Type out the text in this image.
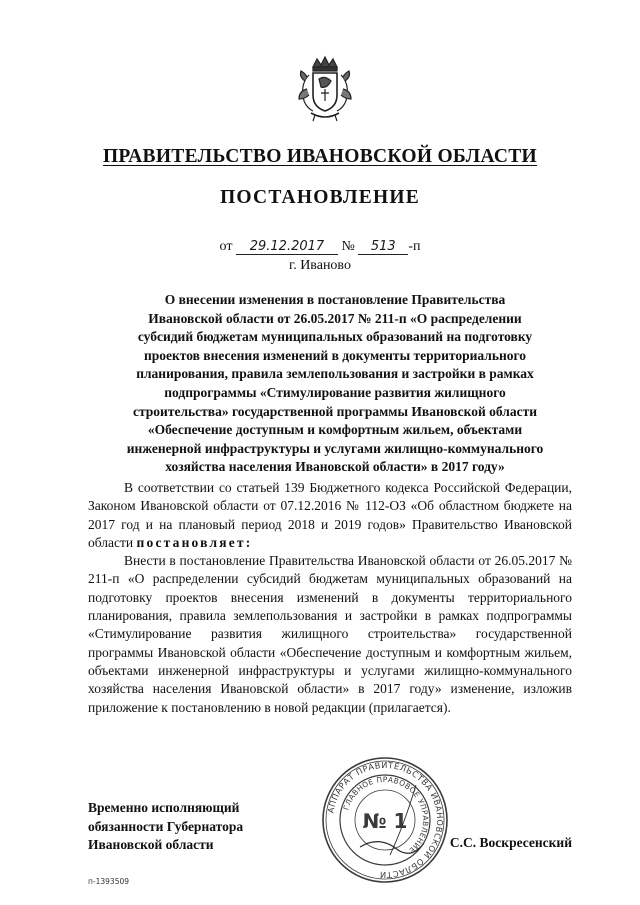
ПРАВИТЕЛЬСТВО ИВАНОВСКОЙ ОБЛАСТИ
ПОСТАНОВЛЕНИЕ
от 29.12.2017 № 513 -п
г. Иваново
О внесении изменения в постановление Правительства
Ивановской области от 26.05.2017 № 211-п «О распределении
субсидий бюджетам муниципальных образований на подготовку
проектов внесения изменений в документы территориального
планирования, правила землепользования и застройки в рамках
подпрограммы «Стимулирование развития жилищного
строительства» государственной программы Ивановской области
«Обеспечение доступным и комфортным жильем, объектами
инженерной инфраструктуры и услугами жилищно-коммунального
хозяйства населения Ивановской области» в 2017 году»

В соответствии со статьей 139 Бюджетного кодекса Российской Федерации, Законом Ивановской области от 07.12.2016 № 112-ОЗ «Об областном бюджете на 2017 год и на плановый период 2018 и 2019 годов» Правительство Ивановской области постановляет:

Внести в постановление Правительства Ивановской области от 26.05.2017 № 211-п «О распределении субсидий бюджетам муниципальных образований на подготовку проектов внесения изменений в документы территориального планирования, правила землепользования и застройки в рамках подпрограммы «Стимулирование развития жилищного строительства» государственной программы Ивановской области «Обеспечение доступным и комфортным жильем, объектами инженерной инфраструктуры и услугами жилищно-коммунального хозяйства населения Ивановской области» в 2017 году» изменение, изложив приложение к постановлению в новой редакции (прилагается).

Временно исполняющий
обязанности Губернатора
Ивановской области
АППАРАТ ПРАВИТЕЛЬСТВА ИВАНОВСКОЙ ОБЛАСТИ
ГЛАВНОЕ ПРАВОВОЕ УПРАВЛЕНИЕ
№ 1
С.С. Воскресенский
п-1393509
